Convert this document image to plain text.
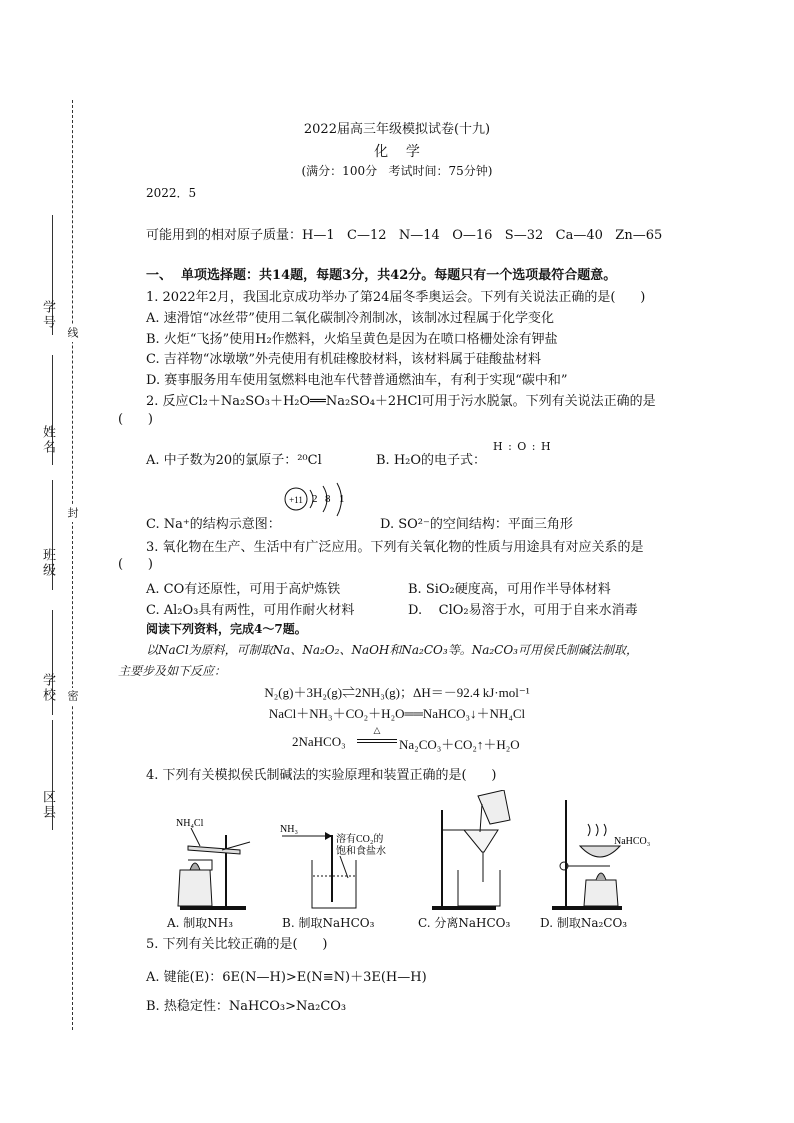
学号
姓名
班级
学校
区县
线
封
密
2022届高三年级模拟试卷(十九)
化    学
(满分：100分   考试时间：75分钟)
2022．5
可能用到的相对原子质量：H—1   C—12   N—14   O—16   S—32   Ca—40   Zn—65
一、  单项选择题：共14题，每题3分，共42分。每题只有一个选项最符合题意。
1. 2022年2月，我国北京成功举办了第24届冬季奥运会。下列有关说法正确的是(      )
A. 速滑馆“冰丝带”使用二氧化碳制冷剂制冰，该制冰过程属于化学变化
B. 火炬“飞扬”使用H₂作燃料，火焰呈黄色是因为在喷口格栅处涂有钾盐
C. 吉祥物“冰墩墩”外壳使用有机硅橡胶材料，该材料属于硅酸盐材料
D. 赛事服务用车使用氢燃料电池车代替普通燃油车，有利于实现“碳中和”
2. 反应Cl₂＋Na₂SO₃＋H₂O══Na₂SO₄＋2HCl可用于污水脱氯。下列有关说法正确的是
(      )
A. 中子数为20的氯原子：²⁰Cl	B. H₂O的电子式：
H : O : H
C. Na⁺的结构示意图：
+11 2 8 1
D. SO²⁻的空间结构：平面三角形
3. 氧化物在生产、生活中有广泛应用。下列有关氧化物的性质与用途具有对应关系的是
(      )
A. CO有还原性，可用于高炉炼铁	B. SiO₂硬度高，可用作半导体材料
C. Al₂O₃具有两性，可用作耐火材料	D.    ClO₂易溶于水，可用于自来水消毒
阅读下列资料，完成4～7题。
以NaCl为原料，可制取Na、Na₂O₂、NaOH和Na₂CO₃等。Na₂CO₃可用侯氏制碱法制取，
主要步及如下反应：
N₂(g)＋3H₂(g)⇌2NH₃(g)；ΔH＝－92.4 kJ·mol⁻¹
NaCl＋NH₃＋CO₂＋H₂O══NaHCO₃↓＋NH₄Cl
2NaHCO₃
△
Na₂CO₃＋CO₂↑＋H₂O
4. 下列有关模拟侯氏制碱法的实验原理和装置正确的是(      )
NH₄Cl
NH₃
溶有CO₂的
饱和食盐水
NaHCO₃
A. 制取NH₃	B. 制取NaHCO₃	C. 分离NaHCO₃ D. 制取Na₂CO₃
5. 下列有关比较正确的是(      )
A. 键能(E)：6E(N—H)>E(N≡N)＋3E(H—H)
B. 热稳定性：NaHCO₃>Na₂CO₃
